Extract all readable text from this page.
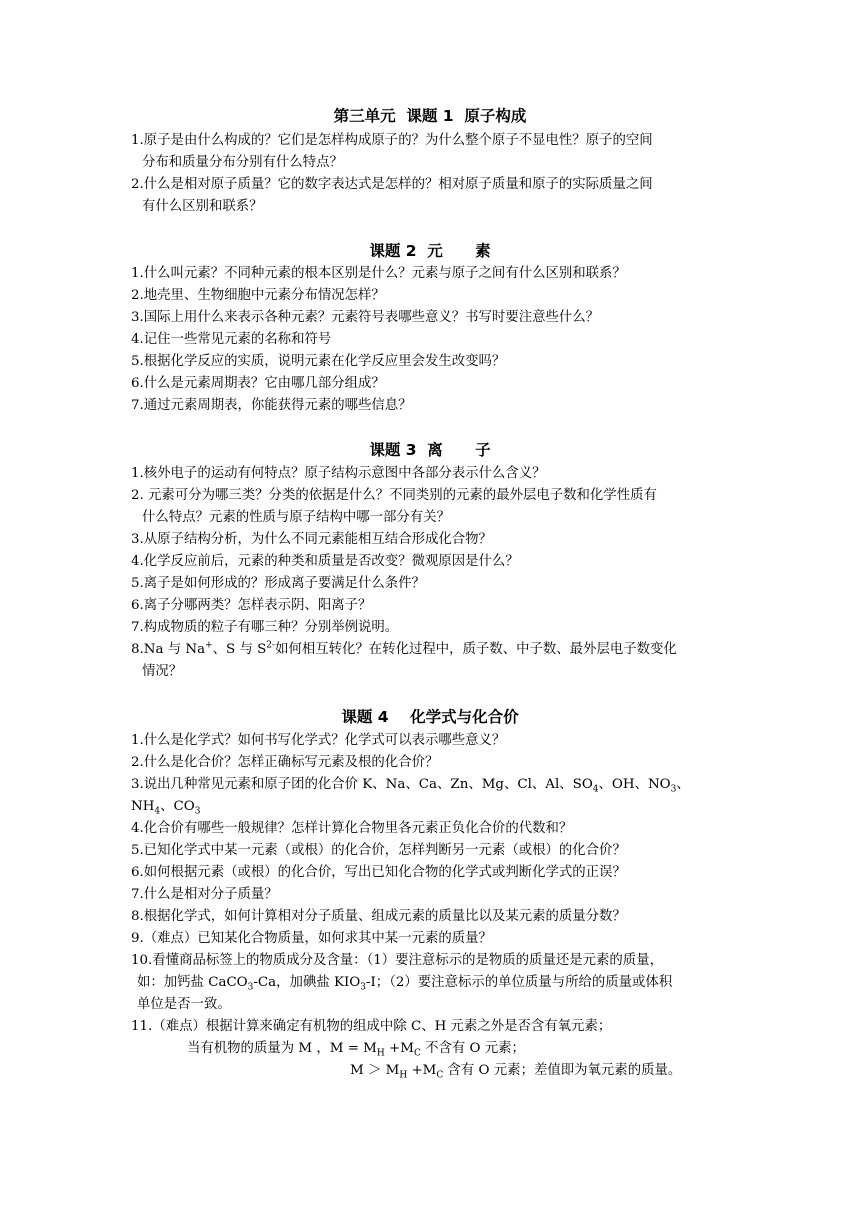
第三单元  课题 1  原子构成
1.原子是由什么构成的？它们是怎样构成原子的？为什么整个原子不显电性？原子的空间
分布和质量分布分别有什么特点？
2.什么是相对原子质量？它的数字表达式是怎样的？相对原子质量和原子的实际质量之间
有什么区别和联系？
课题 2  元      素
1.什么叫元素？不同种元素的根本区别是什么？元素与原子之间有什么区别和联系？
2.地壳里、生物细胞中元素分布情况怎样？
3.国际上用什么来表示各种元素？元素符号表哪些意义？书写时要注意些什么？
4.记住一些常见元素的名称和符号
5.根据化学反应的实质，说明元素在化学反应里会发生改变吗？
6.什么是元素周期表？它由哪几部分组成？
7.通过元素周期表，你能获得元素的哪些信息？
课题 3  离      子
1.核外电子的运动有何特点？原子结构示意图中各部分表示什么含义？
2. 元素可分为哪三类？分类的依据是什么？不同类别的元素的最外层电子数和化学性质有
什么特点？元素的性质与原子结构中哪一部分有关？
3.从原子结构分析，为什么不同元素能相互结合形成化合物？
4.化学反应前后，元素的种类和质量是否改变？微观原因是什么？
5.离子是如何形成的？形成离子要满足什么条件？
6.离子分哪两类？怎样表示阴、阳离子？
7.构成物质的粒子有哪三种？分别举例说明。
8.Na 与 Na+、S 与 $S^{2-}$如何相互转化？在转化过程中，质子数、中子数、最外层电子数变化
情况？
课题 4    化学式与化合价
1.什么是化学式？如何书写化学式？化学式可以表示哪些意义？
2.什么是化合价？怎样正确标写元素及根的化合价？
3.说出几种常见元素和原子团的化合价 K、Na、Ca、Zn、Mg、Cl、Al、$SO_4$、OH、$NO_3$、
$NH_4$、$CO_3$
4.化合价有哪些一般规律？怎样计算化合物里各元素正负化合价的代数和？
5.已知化学式中某一元素（或根）的化合价，怎样判断另一元素（或根）的化合价？
6.如何根据元素（或根）的化合价，写出已知化合物的化学式或判断化学式的正误？
7.什么是相对分子质量？
8.根据化学式，如何计算相对分子质量、组成元素的质量比以及某元素的质量分数？
9.（难点）已知某化合物质量，如何求其中某一元素的质量？
10.看懂商品标签上的物质成分及含量：（1）要注意标示的是物质的质量还是元素的质量，
如：加钙盐 CaCO$_3$-Ca，加碘盐 $KIO_3-I$；（2）要注意标示的单位质量与所给的质量或体积
单位是否一致。
11.（难点）根据计算来确定有机物的组成中除 C、H 元素之外是否含有氧元素；
当有机物的质量为 M ，$M = M_H +M_C$ 不含有 O 元素；
$M > M_H +M_C$ 含有 O 元素；差值即为氧元素的质量。
